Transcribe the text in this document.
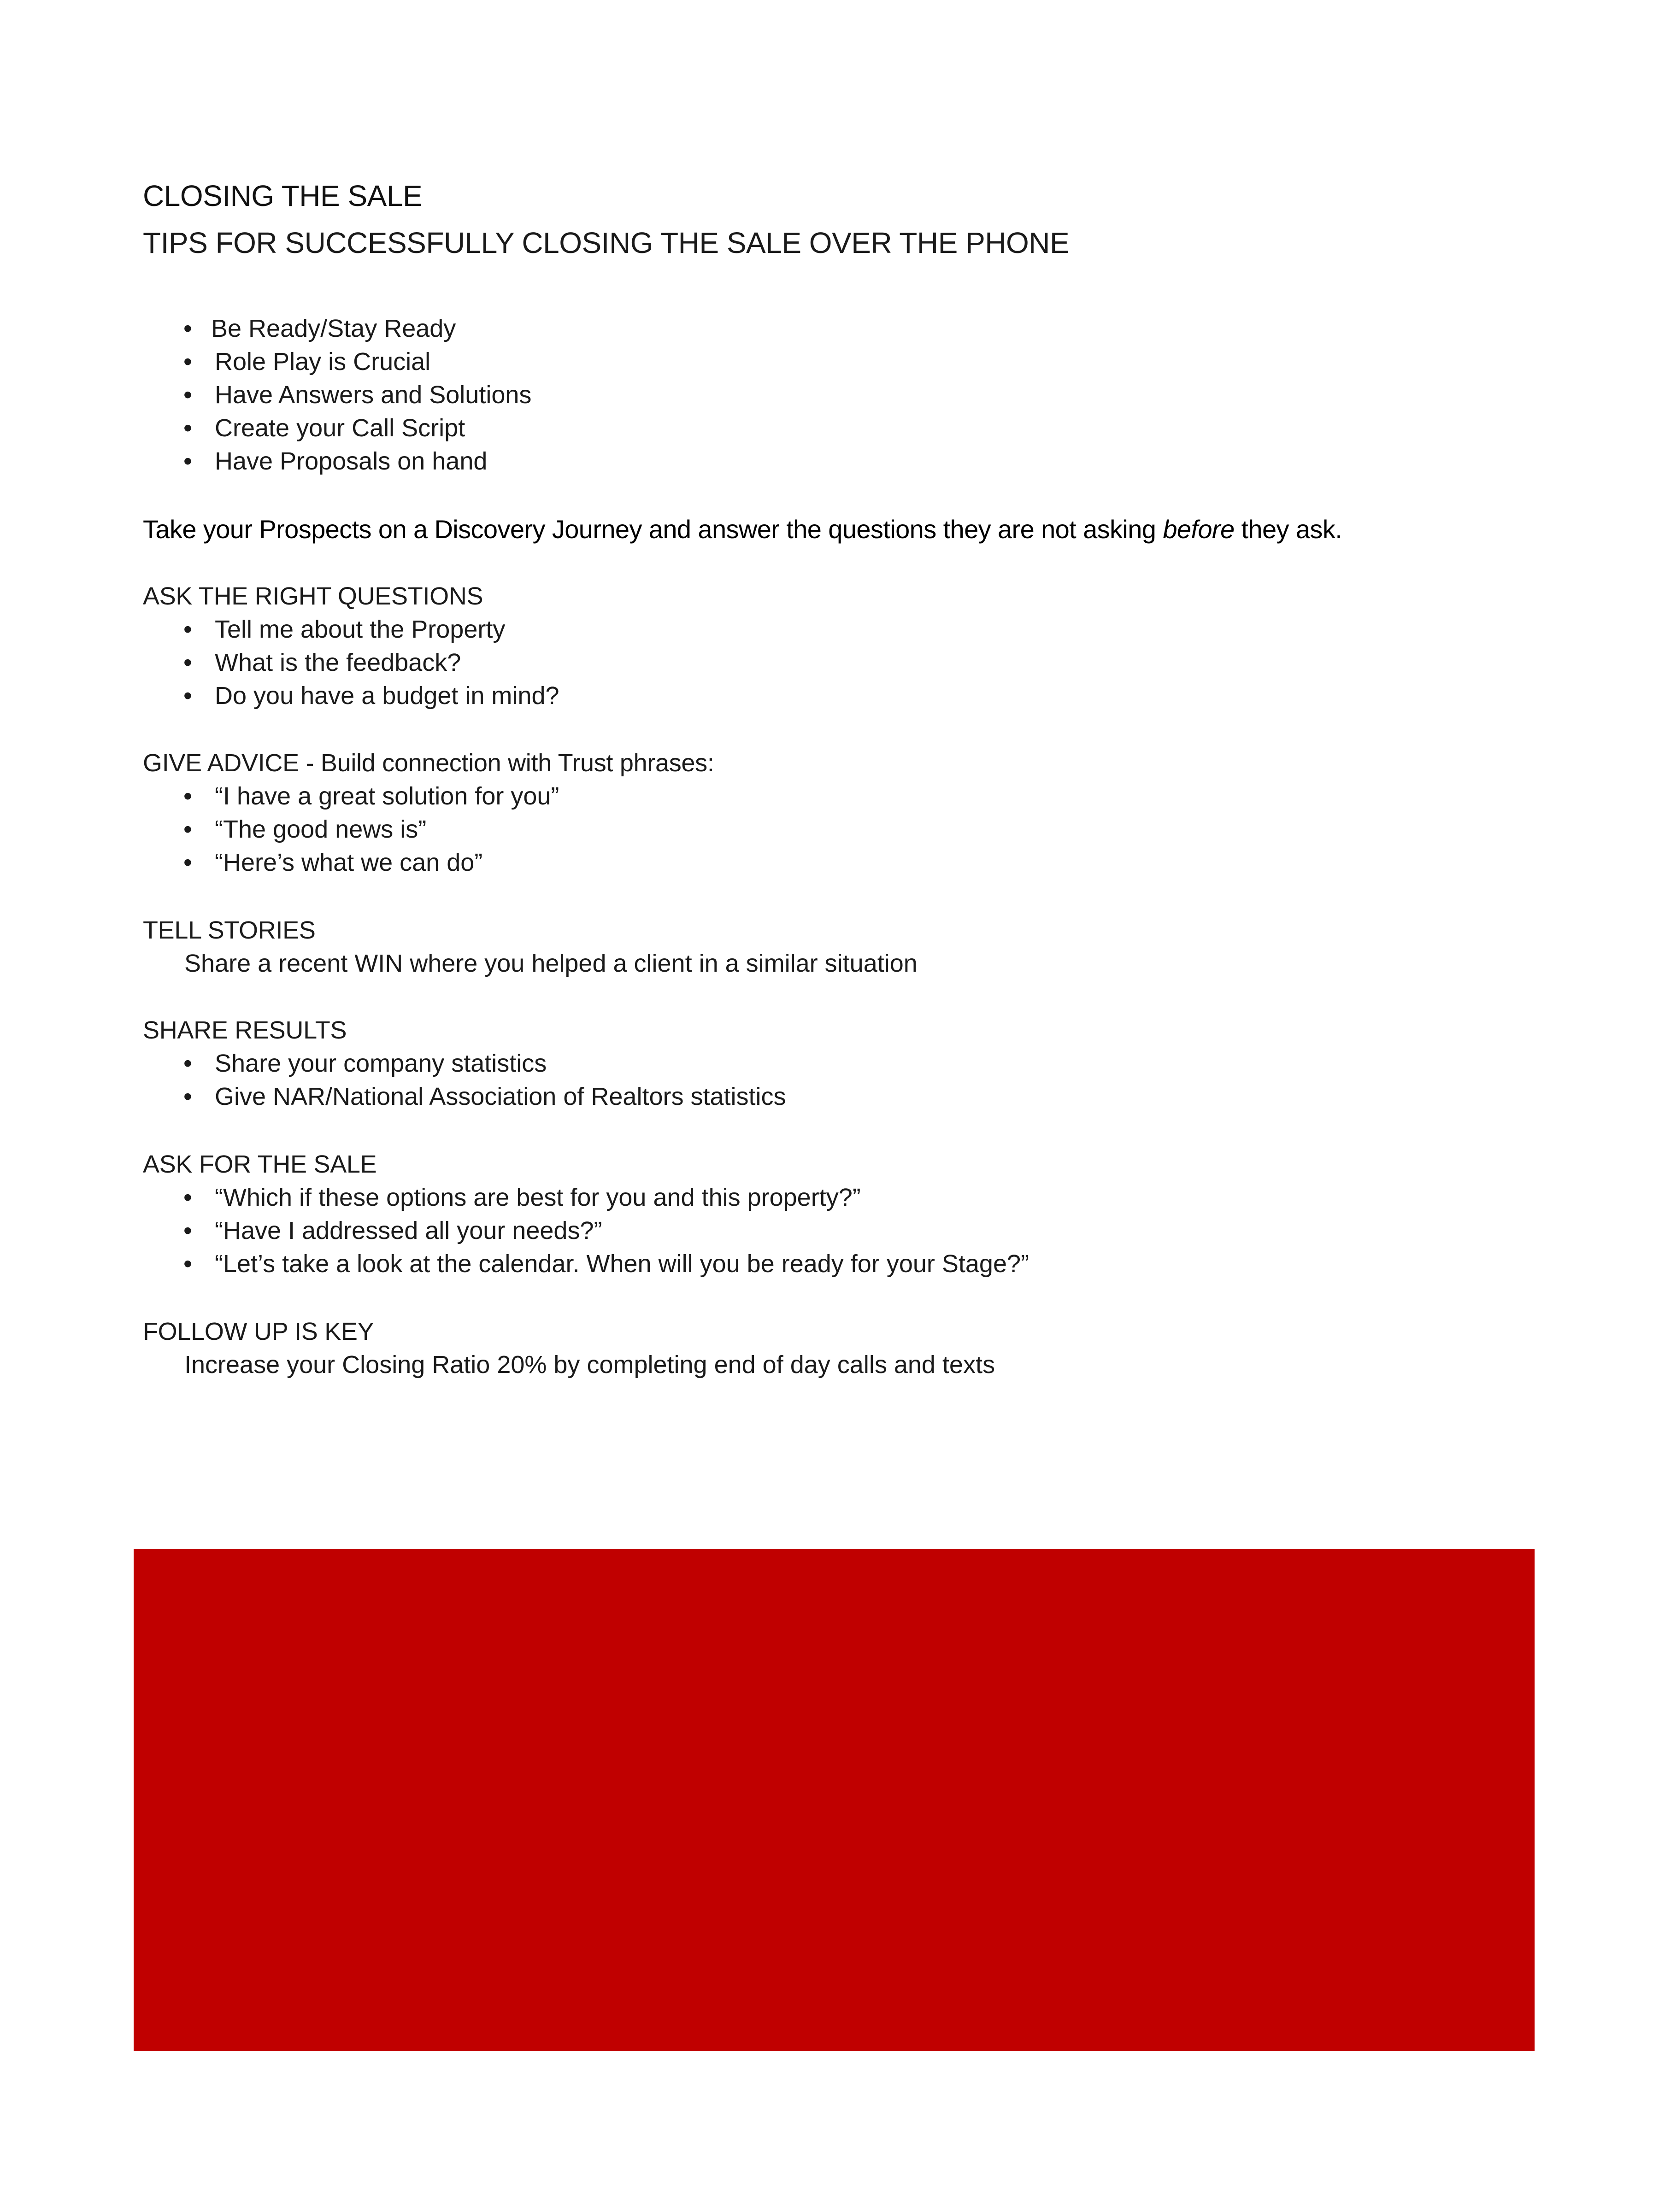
CLOSING THE SALE
TIPS FOR SUCCESSFULLY CLOSING THE SALE OVER THE PHONE
• Be Ready/Stay Ready
• Role Play is Crucial
• Have Answers and Solutions
• Create your Call Script
• Have Proposals on hand

Take your Prospects on a Discovery Journey and answer the questions they are not asking before they ask.

ASK THE RIGHT QUESTIONS

• Tell me about the Property
• What is the feedback?
• Do you have a budget in mind?

GIVE ADVICE - Build connection with Trust phrases:

• “I have a great solution for you”
• “The good news is”
• “Here’s what we can do”

TELL STORIES

Share a recent WIN where you helped a client in a similar situation

SHARE RESULTS

• Share your company statistics
• Give NAR/National Association of Realtors statistics

ASK FOR THE SALE

• “Which if these options are best for you and this property?”
• “Have I addressed all your needs?”
• “Let’s take a look at the calendar. When will you be ready for your Stage?”

FOLLOW UP IS KEY

Increase your Closing Ratio 20% by completing end of day calls and texts
